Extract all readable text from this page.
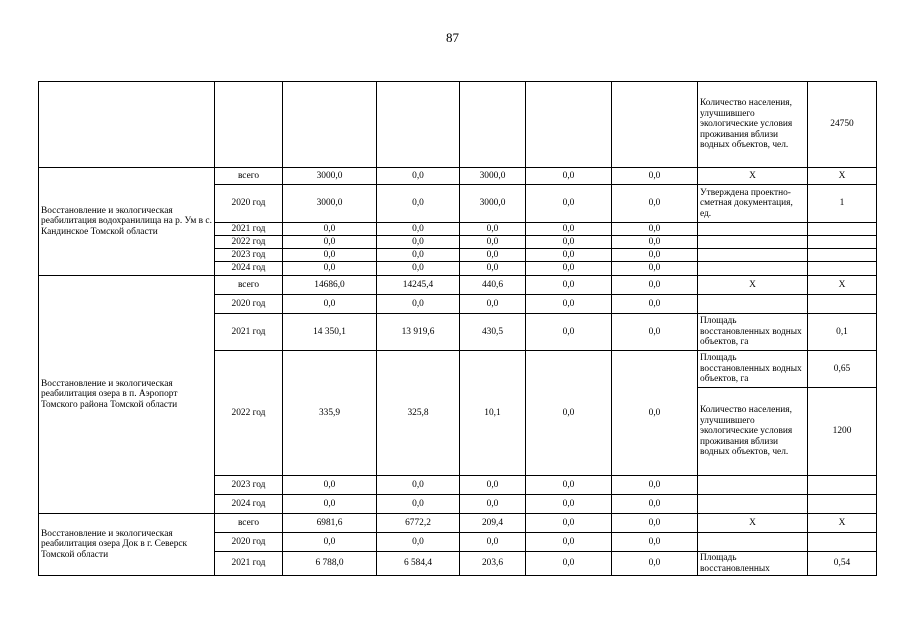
87
							Количество населения, улучшившего экологические условия проживания вблизи водных объектов, чел.	24750
Восстановление и экологическая реабилитация водохранилища на р. Ум в с. Кандинское Томской области	всего	3000,0	0,0	3000,0	0,0	0,0	X	X
	2020 год	3000,0	0,0	3000,0	0,0	0,0	Утверждена проектно-сметная документация, ед.	1
	2021 год	0,0	0,0	0,0	0,0	0,0		
	2022 год	0,0	0,0	0,0	0,0	0,0		
	2023 год	0,0	0,0	0,0	0,0	0,0		
	2024 год	0,0	0,0	0,0	0,0	0,0		
Восстановление и экологическая реабилитация озера в п. Аэропорт Томского района Томской области	всего	14686,0	14245,4	440,6	0,0	0,0	X	X
	2020 год	0,0	0,0	0,0	0,0	0,0		
	2021 год	14 350,1	13 919,6	430,5	0,0	0,0	Площадь восстановленных водных объектов, га	0,1
	2022 год	335,9	325,8	10,1	0,0	0,0	Площадь восстановленных водных объектов, га	0,65
							Количество населения, улучшившего экологические условия проживания вблизи водных объектов, чел.	1200
	2023 год	0,0	0,0	0,0	0,0	0,0		
	2024 год	0,0	0,0	0,0	0,0	0,0		
Восстановление и экологическая реабилитация озера Док в г. Северск Томской области	всего	6981,6	6772,2	209,4	0,0	0,0	X	X
	2020 год	0,0	0,0	0,0	0,0	0,0		
	2021 год	6 788,0	6 584,4	203,6	0,0	0,0	Площадь восстановленных	0,54
